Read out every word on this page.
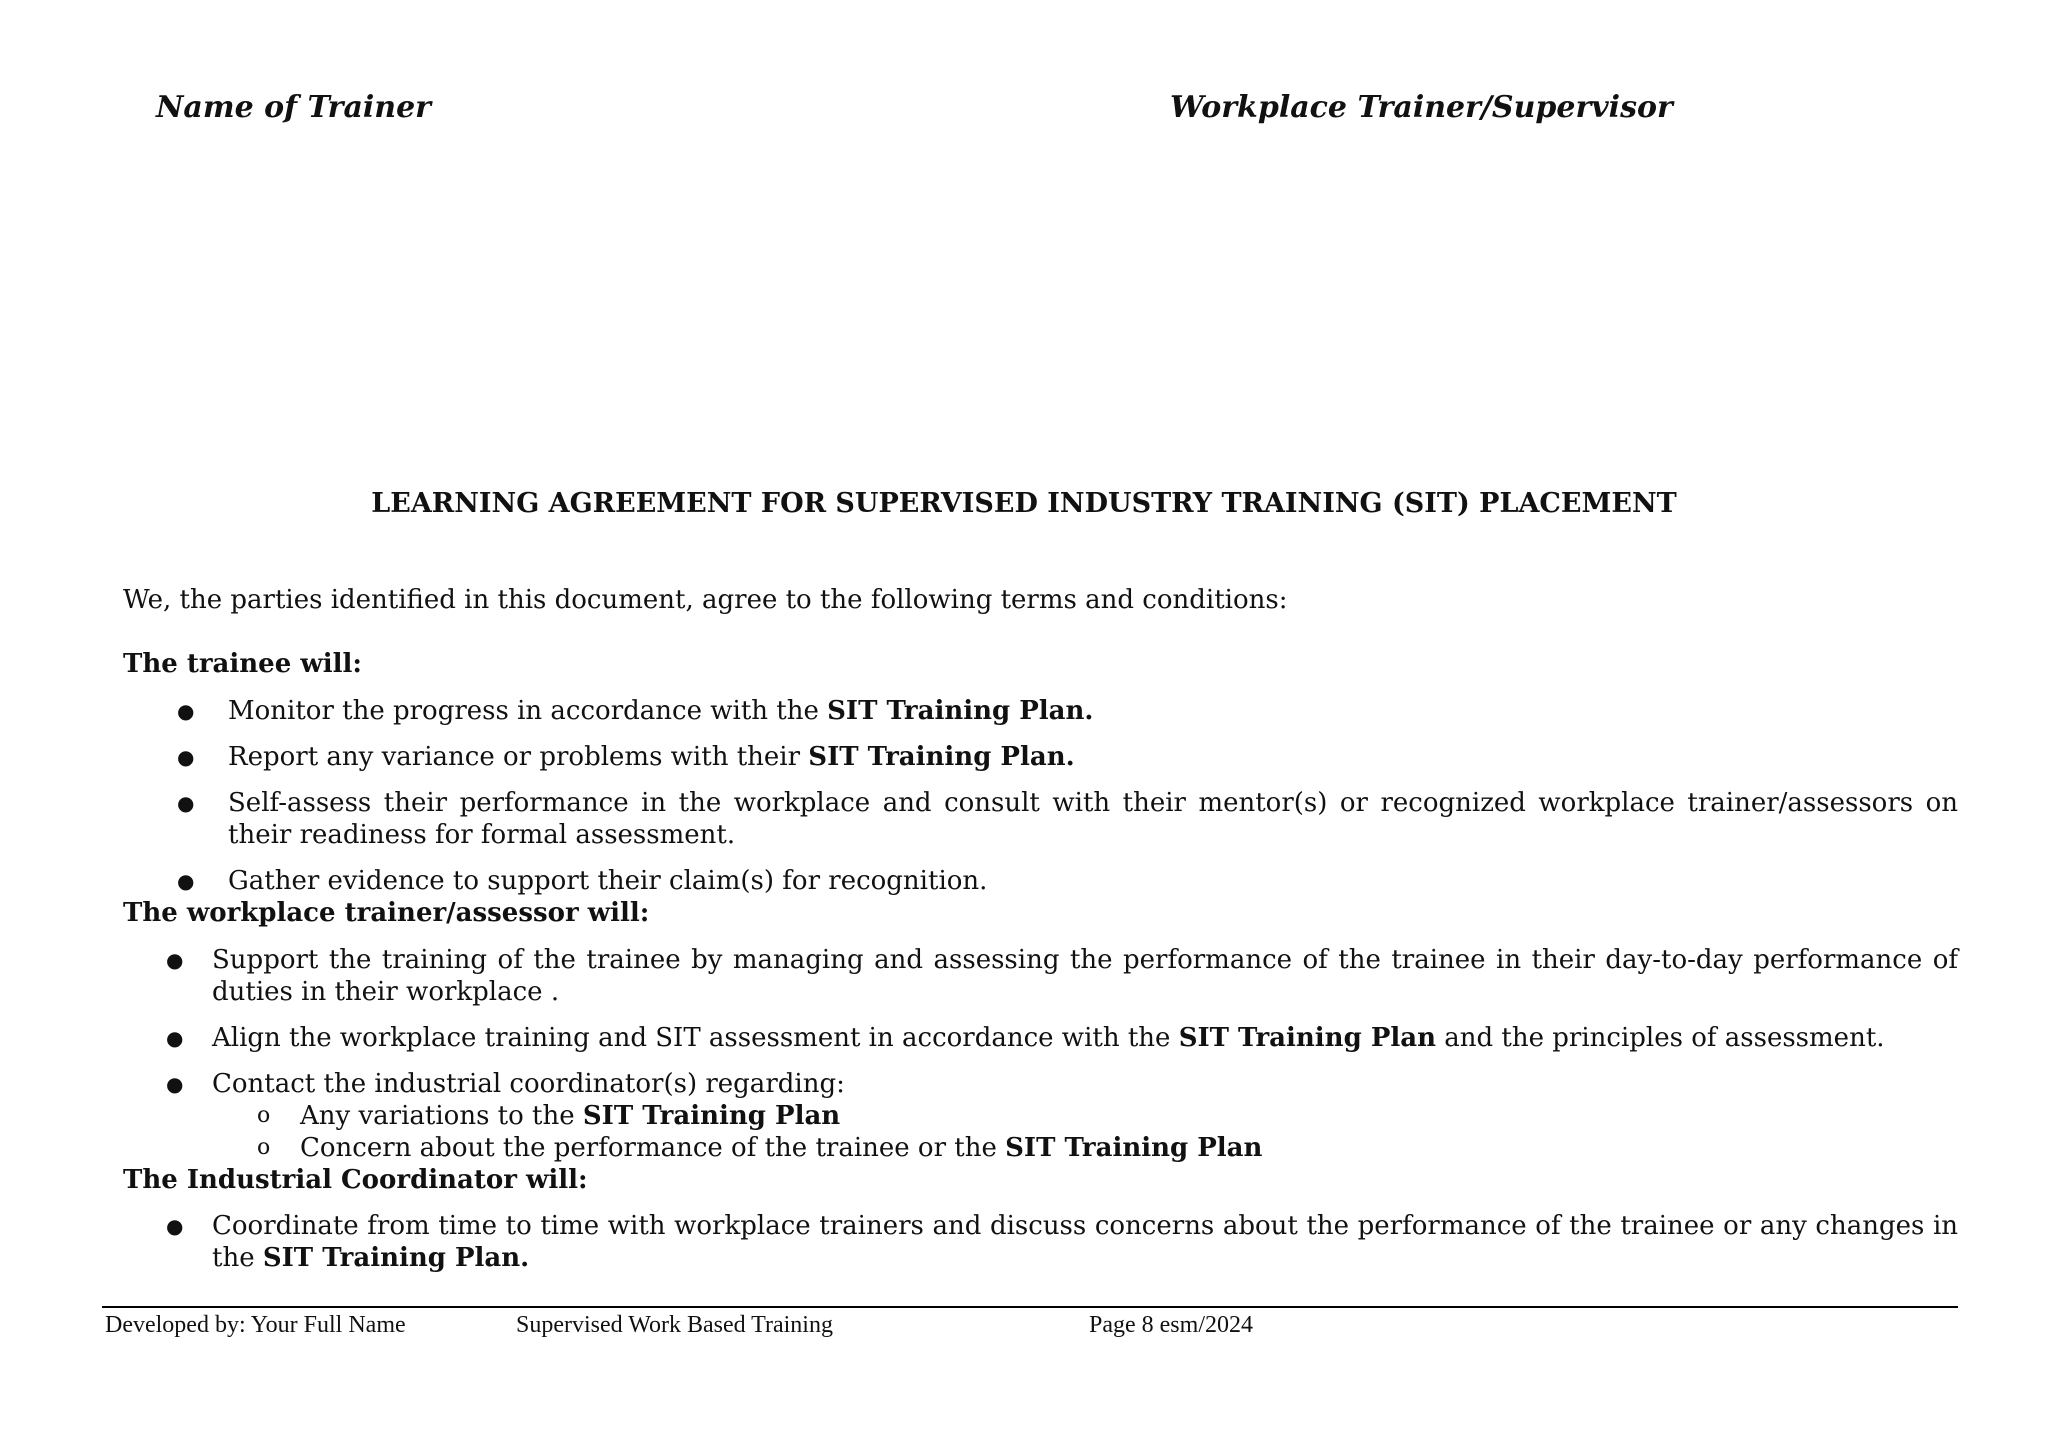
Name of Trainer	Workplace Trainer/Supervisor
LEARNING AGREEMENT FOR SUPERVISED INDUSTRY TRAINING (SIT) PLACEMENT
We, the parties identified in this document, agree to the following terms and conditions:
The trainee will:
● Monitor the progress in accordance with the SIT Training Plan.
● Report any variance or problems with their SIT Training Plan.
● Self-assess their performance in the workplace and consult with their mentor(s) or recognized workplace trainer/assessors on their readiness for formal assessment.
● Gather evidence to support their claim(s) for recognition.
The workplace trainer/assessor will:
● Support the training of the trainee by managing and assessing the performance of the trainee in their day-to-day performance of duties in their workplace .
● Align the workplace training and SIT assessment in accordance with the SIT Training Plan and the principles of assessment.
● Contact the industrial coordinator(s) regarding:
o Any variations to the SIT Training Plan
o Concern about the performance of the trainee or the SIT Training Plan
The Industrial Coordinator will:
● Coordinate from time to time with workplace trainers and discuss concerns about the performance of the trainee or any changes in the SIT Training Plan.
Developed by: Your Full Name	Supervised Work Based Training	Page 8 esm/2024
